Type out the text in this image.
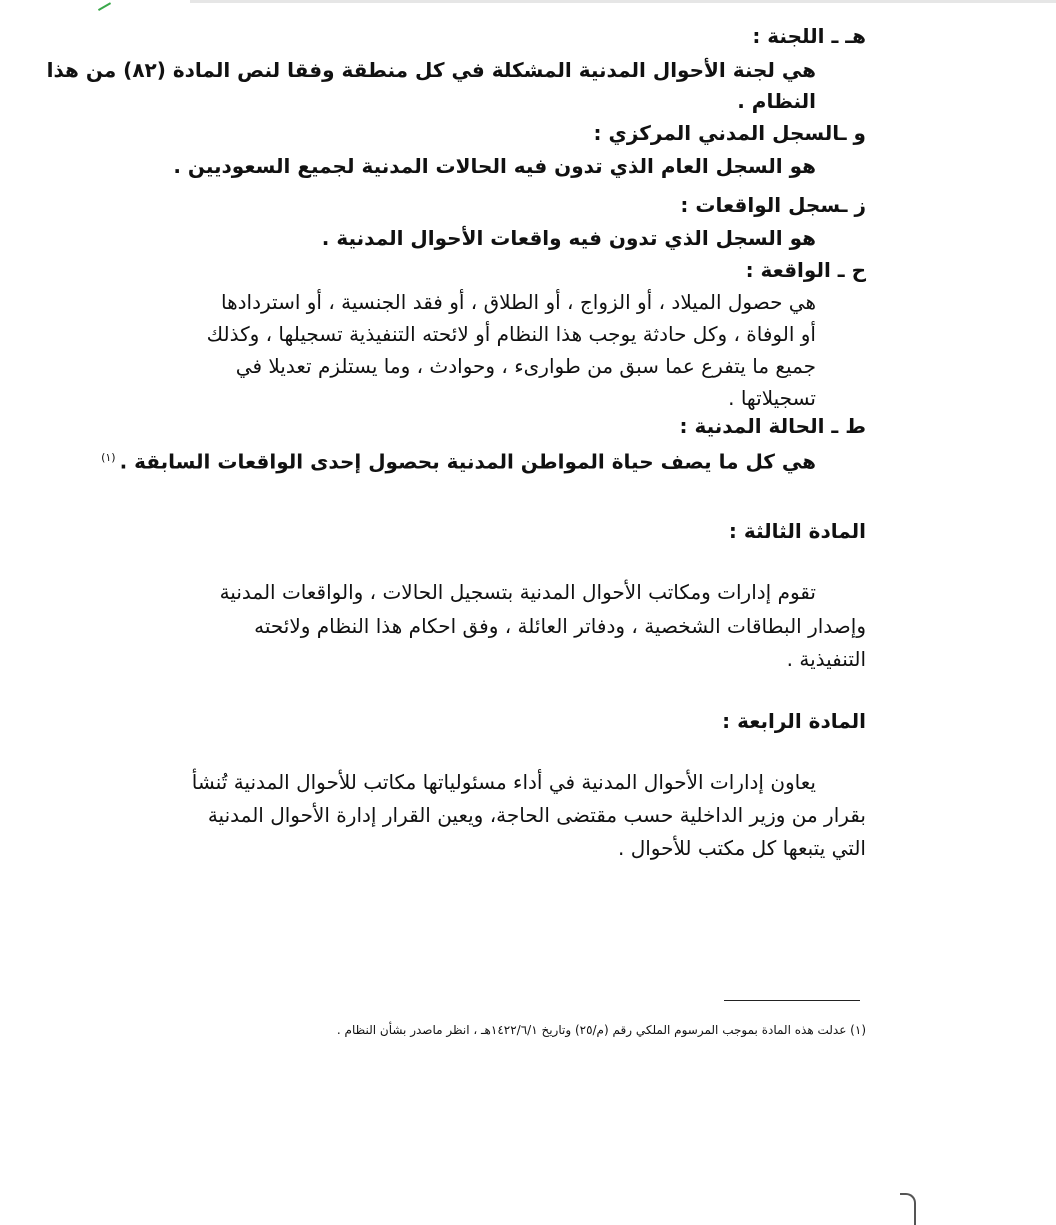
هـ ـ اللجنة :
هي لجنة الأحوال المدنية المشكلة في كل منطقة وفقا لنص المادة (٨٢) من هذا
النظام .
و ـالسجل المدني المركزي :
هو السجل العام الذي تدون فيه الحالات المدنية لجميع السعوديين .
ز ـسجل الواقعات :
هو السجل الذي تدون فيه واقعات الأحوال المدنية .
ح ـ الواقعة :
هي حصول الميلاد ، أو الزواج ، أو الطلاق ، أو فقد الجنسية ، أو استردادها
أو الوفاة ، وكل حادثة يوجب هذا النظام أو لائحته التنفيذية تسجيلها ، وكذلك
جميع ما يتفرع عما سبق من طوارىء ، وحوادث ، وما يستلزم تعديلا في
تسجيلاتها .
ط ـ الحالة المدنية :
هي كل ما يصف حياة المواطن المدنية بحصول إحدى الواقعات السابقة .$^{(١)}$
المادة الثالثة :
تقوم إدارات ومكاتب الأحوال المدنية بتسجيل الحالات ، والواقعات المدنية
وإصدار البطاقات الشخصية ، ودفاتر العائلة ، وفق احكام هذا النظام ولائحته
التنفيذية .
المادة الرابعة :
يعاون إدارات الأحوال المدنية في أداء مسئولياتها مكاتب للأحوال المدنية تُنشأ
بقرار من وزير الداخلية حسب مقتضى الحاجة، ويعين القرار إدارة الأحوال المدنية
التي يتبعها كل مكتب للأحوال .
(١) عدلت هذه المادة بموجب المرسوم الملكي رقم (م/٢٥) وتاريخ ١٤٢٢/٦/١هـ ، انظر ماصدر بشأن النظام .
